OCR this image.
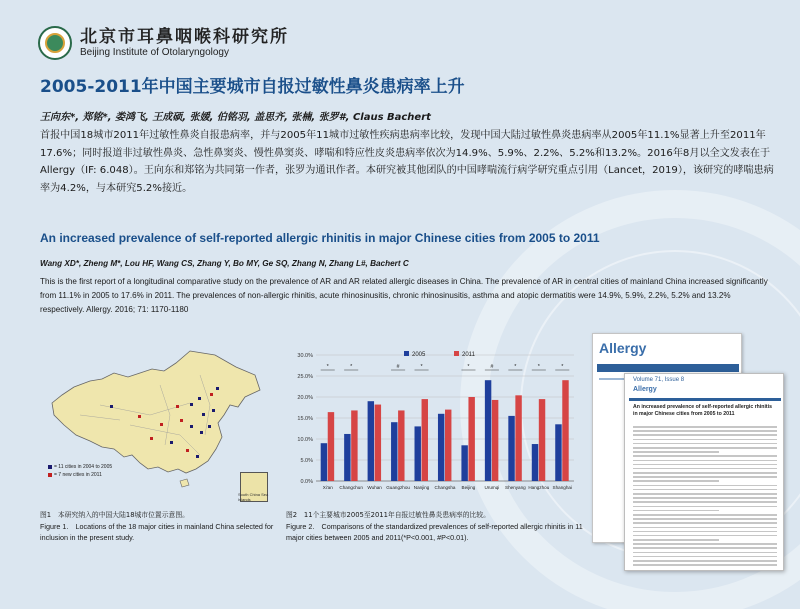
北京市耳鼻咽喉科研究所
Beijing Institute of Otolaryngology
2005-2011年中国主要城市自报过敏性鼻炎患病率上升
王向东*, 郑铭*, 娄鸿飞, 王成硕, 张媛, 伯铭羽, 盖思齐, 张楠, 张罗#, Claus Bachert
首报中国18城市2011年过敏性鼻炎自报患病率，并与2005年11城市过敏性疾病患病率比较，发现中国大陆过敏性鼻炎患病率从2005年11.1%显著上升至2011年17.6%；同时报道非过敏性鼻炎、急性鼻窦炎、慢性鼻窦炎、哮喘和特应性皮炎患病率依次为14.9%、5.9%、2.2%、5.2%和13.2%。2016年8月以全文发表在于Allergy（IF: 6.048）。王向东和郑铭为共同第一作者，张罗为通讯作者。本研究被其他团队的中国哮喘流行病学研究重点引用（Lancet，2019），该研究的哮喘患病率为4.2%，与本研究5.2%接近。
An increased prevalence of self-reported allergic rhinitis in major Chinese cities from 2005 to 2011
Wang XD*, Zheng M*, Lou HF, Wang CS, Zhang Y, Bo MY, Ge SQ, Zhang N, Zhang L#, Bachert C
This is the first report of a longitudinal comparative study on the prevalence of AR and AR related allergic diseases in China. The prevalence of AR in central cities of mainland China increased significantly from 11.1% in 2005 to 17.6% in 2011. The prevalences of non-allergic rhinitis, acute rhinosinusitis, chronic rhinosinusitis, asthma and atopic dermatitis were 14.9%, 5.9%, 2.2%, 5.2% and 13.2% respectively. Allergy. 2016; 71: 1170-1180
= 11 cities in 2004 to 2005
= 7 new cities in 2011
South China Sea Islands
0.0%
5.0%
10.0%
15.0%
20.0%
25.0%
30.0%
Xi'an
*
Changchun
*
Wuhan Guangzhou
#
Nanjing
*
Changsha Beijing
*
Urumqi
#
Shenyang
*
Hangzhou
*
Shanghai
*
2005	2011
图1　本研究纳入的中国大陆18城市位置示意图。
Figure 1.　Locations of the 18 major cities in mainland China selected for inclusion in the present study.
图2　11个主要城市2005至2011年自报过敏性鼻炎患病率的比较。
Figure 2.　Comparisons of the standardized prevalences of self-reported allergic rhinitis in 11 major cities between 2005 and 2011(*P<0.001, #P<0.01).
Allergy
Volume 71, Issue 8
Allergy
An increased prevalence of self-reported allergic rhinitis in major Chinese cities from 2005 to 2011
